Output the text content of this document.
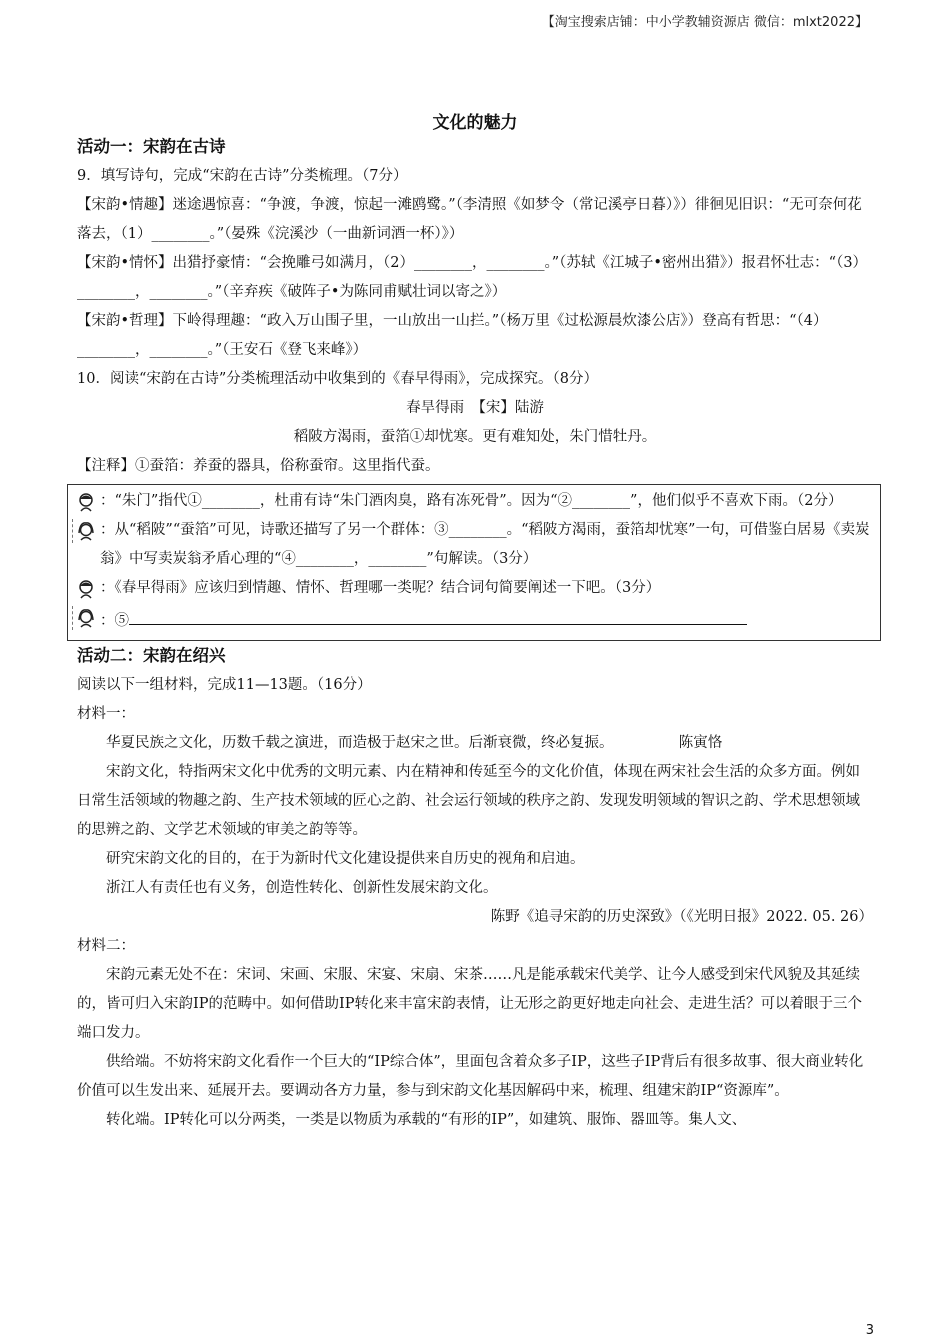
【淘宝搜索店铺：中小学教辅资源店 微信：mlxt2022】
文化的魅力

活动一：宋韵在古诗

9．填写诗句，完成“宋韵在古诗”分类梳理。（7分）

【宋韵•情趣】迷途遇惊喜：“争渡，争渡，惊起一滩鸥鹭。”（李清照《如梦令（常记溪亭日暮）》）徘徊见旧识：“无可奈何花落去，（1）________。”（晏殊《浣溪沙（一曲新词酒一杯）》）

【宋韵•情怀】出猎抒豪情：“会挽雕弓如满月，（2）________，________。”（苏轼《江城子•密州出猎》）报君怀壮志：“（3）________，________。”（辛弃疾《破阵子•为陈同甫赋壮词以寄之》）

【宋韵•哲理】下岭得理趣：“政入万山围子里，一山放出一山拦。”（杨万里《过松源晨炊漆公店》）登高有哲思：“（4）________，________。”（王安石《登飞来峰》）

10．阅读“宋韵在古诗”分类梳理活动中收集到的《春早得雨》，完成探究。（8分）

春旱得雨　【宋】陆游

稻陂方渴雨，蚕箔①却忧寒。更有难知处，朱门惜牡丹。

【注释】①蚕箔：养蚕的器具，俗称蚕帘。这里指代蚕。

：“朱门”指代①________，杜甫有诗“朱门酒肉臭，路有冻死骨”。因为“②________”，他们似乎不喜欢下雨。（2分）
：从“稻陂”“蚕箔”可见，诗歌还描写了另一个群体：③________。“稻陂方渴雨，蚕箔却忧寒”一句，可借鉴白居易《卖炭翁》中写卖炭翁矛盾心理的“④________，________”句解读。（3分）
：《春早得雨》应该归到情趣、情怀、哲理哪一类呢？结合词句简要阐述一下吧。（3分）
：⑤

活动二：宋韵在绍兴

阅读以下一组材料，完成11—13题。（16分）

材料一：

华夏民族之文化，历数千载之演进，而造极于赵宋之世。后渐衰微，终必复振。　　　　　陈寅恪

宋韵文化，特指两宋文化中优秀的文明元素、内在精神和传延至今的文化价值，体现在两宋社会生活的众多方面。例如日常生活领域的物趣之韵、生产技术领域的匠心之韵、社会运行领域的秩序之韵、发现发明领域的智识之韵、学术思想领域的思辨之韵、文学艺术领域的审美之韵等等。

研究宋韵文化的目的，在于为新时代文化建设提供来自历史的视角和启迪。

浙江人有责任也有义务，创造性转化、创新性发展宋韵文化。

陈野《追寻宋韵的历史深致》（《光明日报》2022. 05. 26）

材料二：

宋韵元素无处不在：宋词、宋画、宋服、宋宴、宋扇、宋茶……凡是能承载宋代美学、让今人感受到宋代风貌及其延续的，皆可归入宋韵IP的范畴中。如何借助IP转化来丰富宋韵表情，让无形之韵更好地走向社会、走进生活？可以着眼于三个端口发力。

供给端。不妨将宋韵文化看作一个巨大的“IP综合体”，里面包含着众多子IP，这些子IP背后有很多故事、很大商业转化价值可以生发出来、延展开去。要调动各方力量，参与到宋韵文化基因解码中来，梳理、组建宋韵IP“资源库”。

转化端。IP转化可以分两类，一类是以物质为承载的“有形的IP”，如建筑、服饰、器皿等。集人文、

3
